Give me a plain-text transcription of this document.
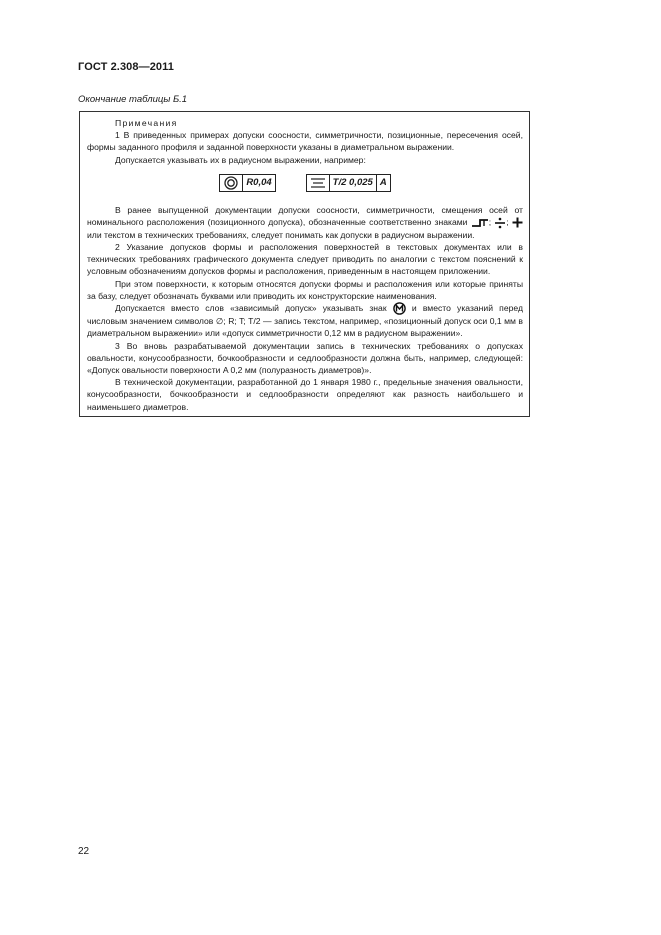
ГОСТ 2.308—2011
Окончание таблицы Б.1
Примечания

1 В приведенных примерах допуски соосности, симметричности, позиционные, пересечения осей, формы заданного профиля и заданной поверхности указаны в диаметральном выражении.

Допускается указывать их в радиусном выражении, например:

R0,04	T/2 0,025 A

В ранее выпущенной документации допуски соосности, симметричности, смещения осей от номинального расположения (позиционного допуска), обозначенные соответственно знаками ; ;  или текстом в технических требованиях, следует понимать как допуски в радиусном выражении.

2 Указание допусков формы и расположения поверхностей в текстовых документах или в технических требованиях графического документа следует приводить по аналогии с текстом пояснений к условным обозначениям допусков формы и расположения, приведенным в настоящем приложении.

При этом поверхности, к которым относятся допуски формы и расположения или которые приняты за базу, следует обозначать буквами или приводить их конструкторские наименования.

Допускается вместо слов «зависимый допуск» указывать знак	и вместо указаний перед числовым значением символов ∅; R; T; T/2 — запись текстом, например, «позиционный допуск оси 0,1 мм в диаметральном выражении» или «допуск симметричности 0,12 мм в радиусном выражении».

3 Во вновь разрабатываемой документации запись в технических требованиях о допусках овальности, конусообразности, бочкообразности и седлообразности должна быть, например, следующей: «Допуск овальности поверхности A 0,2 мм (полуразность диаметров)».

В технической документации, разработанной до 1 января 1980 г., предельные значения овальности, конусообразности, бочкообразности и седлообразности определяют как разность наибольшего и наименьшего диаметров.

22
